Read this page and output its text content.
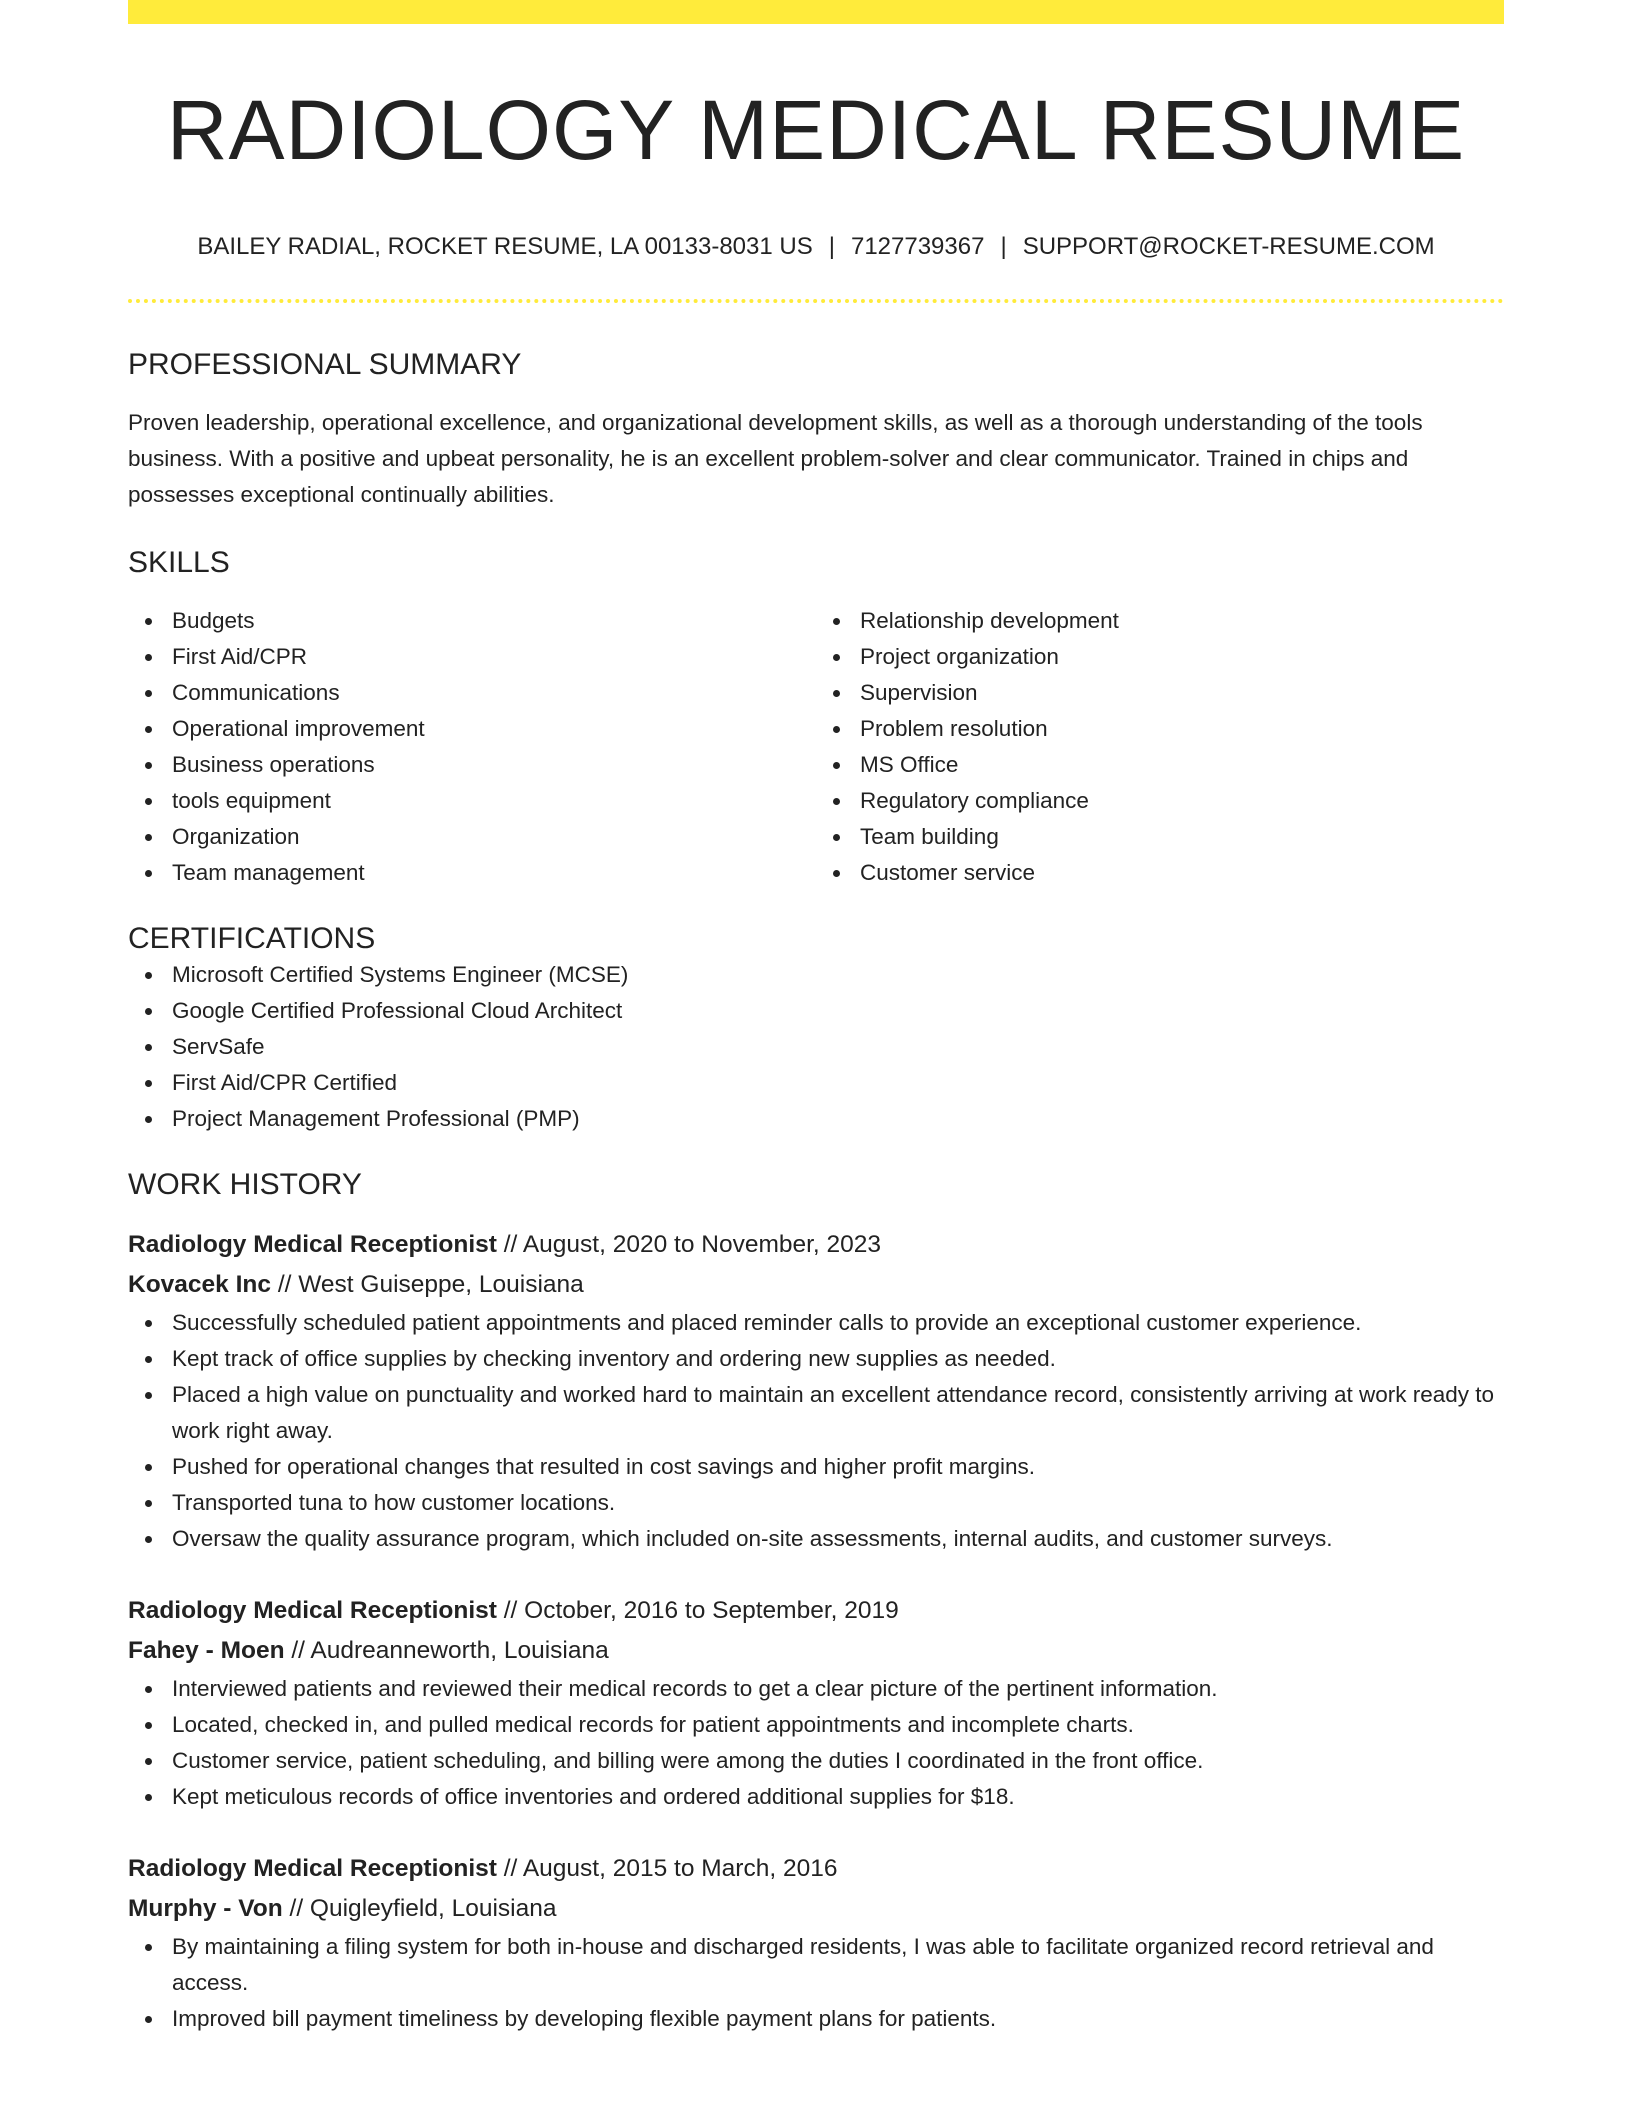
RADIOLOGY MEDICAL RESUME
BAILEY RADIAL, ROCKET RESUME, LA 00133-8031 US | 7127739367 | SUPPORT@ROCKET-RESUME.COM
PROFESSIONAL SUMMARY

Proven leadership, operational excellence, and organizational development skills, as well as a thorough understanding of the tools business. With a positive and upbeat personality, he is an excellent problem-solver and clear communicator. Trained in chips and possesses exceptional continually abilities.

SKILLS
Budgets
First Aid/CPR
Communications
Operational improvement
Business operations
tools equipment
Organization
Team management
Relationship development
Project organization
Supervision
Problem resolution
MS Office
Regulatory compliance
Team building
Customer service
CERTIFICATIONS
Microsoft Certified Systems Engineer (MCSE)
Google Certified Professional Cloud Architect
ServSafe
First Aid/CPR Certified
Project Management Professional (PMP)
WORK HISTORY
Radiology Medical Receptionist // August, 2020 to November, 2023
Kovacek Inc // West Guiseppe, Louisiana
Successfully scheduled patient appointments and placed reminder calls to provide an exceptional customer experience.
Kept track of office supplies by checking inventory and ordering new supplies as needed.
Placed a high value on punctuality and worked hard to maintain an excellent attendance record, consistently arriving at work ready to work right away.
Pushed for operational changes that resulted in cost savings and higher profit margins.
Transported tuna to how customer locations.
Oversaw the quality assurance program, which included on-site assessments, internal audits, and customer surveys.
Radiology Medical Receptionist // October, 2016 to September, 2019
Fahey - Moen // Audreanneworth, Louisiana
Interviewed patients and reviewed their medical records to get a clear picture of the pertinent information.
Located, checked in, and pulled medical records for patient appointments and incomplete charts.
Customer service, patient scheduling, and billing were among the duties I coordinated in the front office.
Kept meticulous records of office inventories and ordered additional supplies for $18.
Radiology Medical Receptionist // August, 2015 to March, 2016
Murphy - Von // Quigleyfield, Louisiana
By maintaining a filing system for both in-house and discharged residents, I was able to facilitate organized record retrieval and access.
Improved bill payment timeliness by developing flexible payment plans for patients.
